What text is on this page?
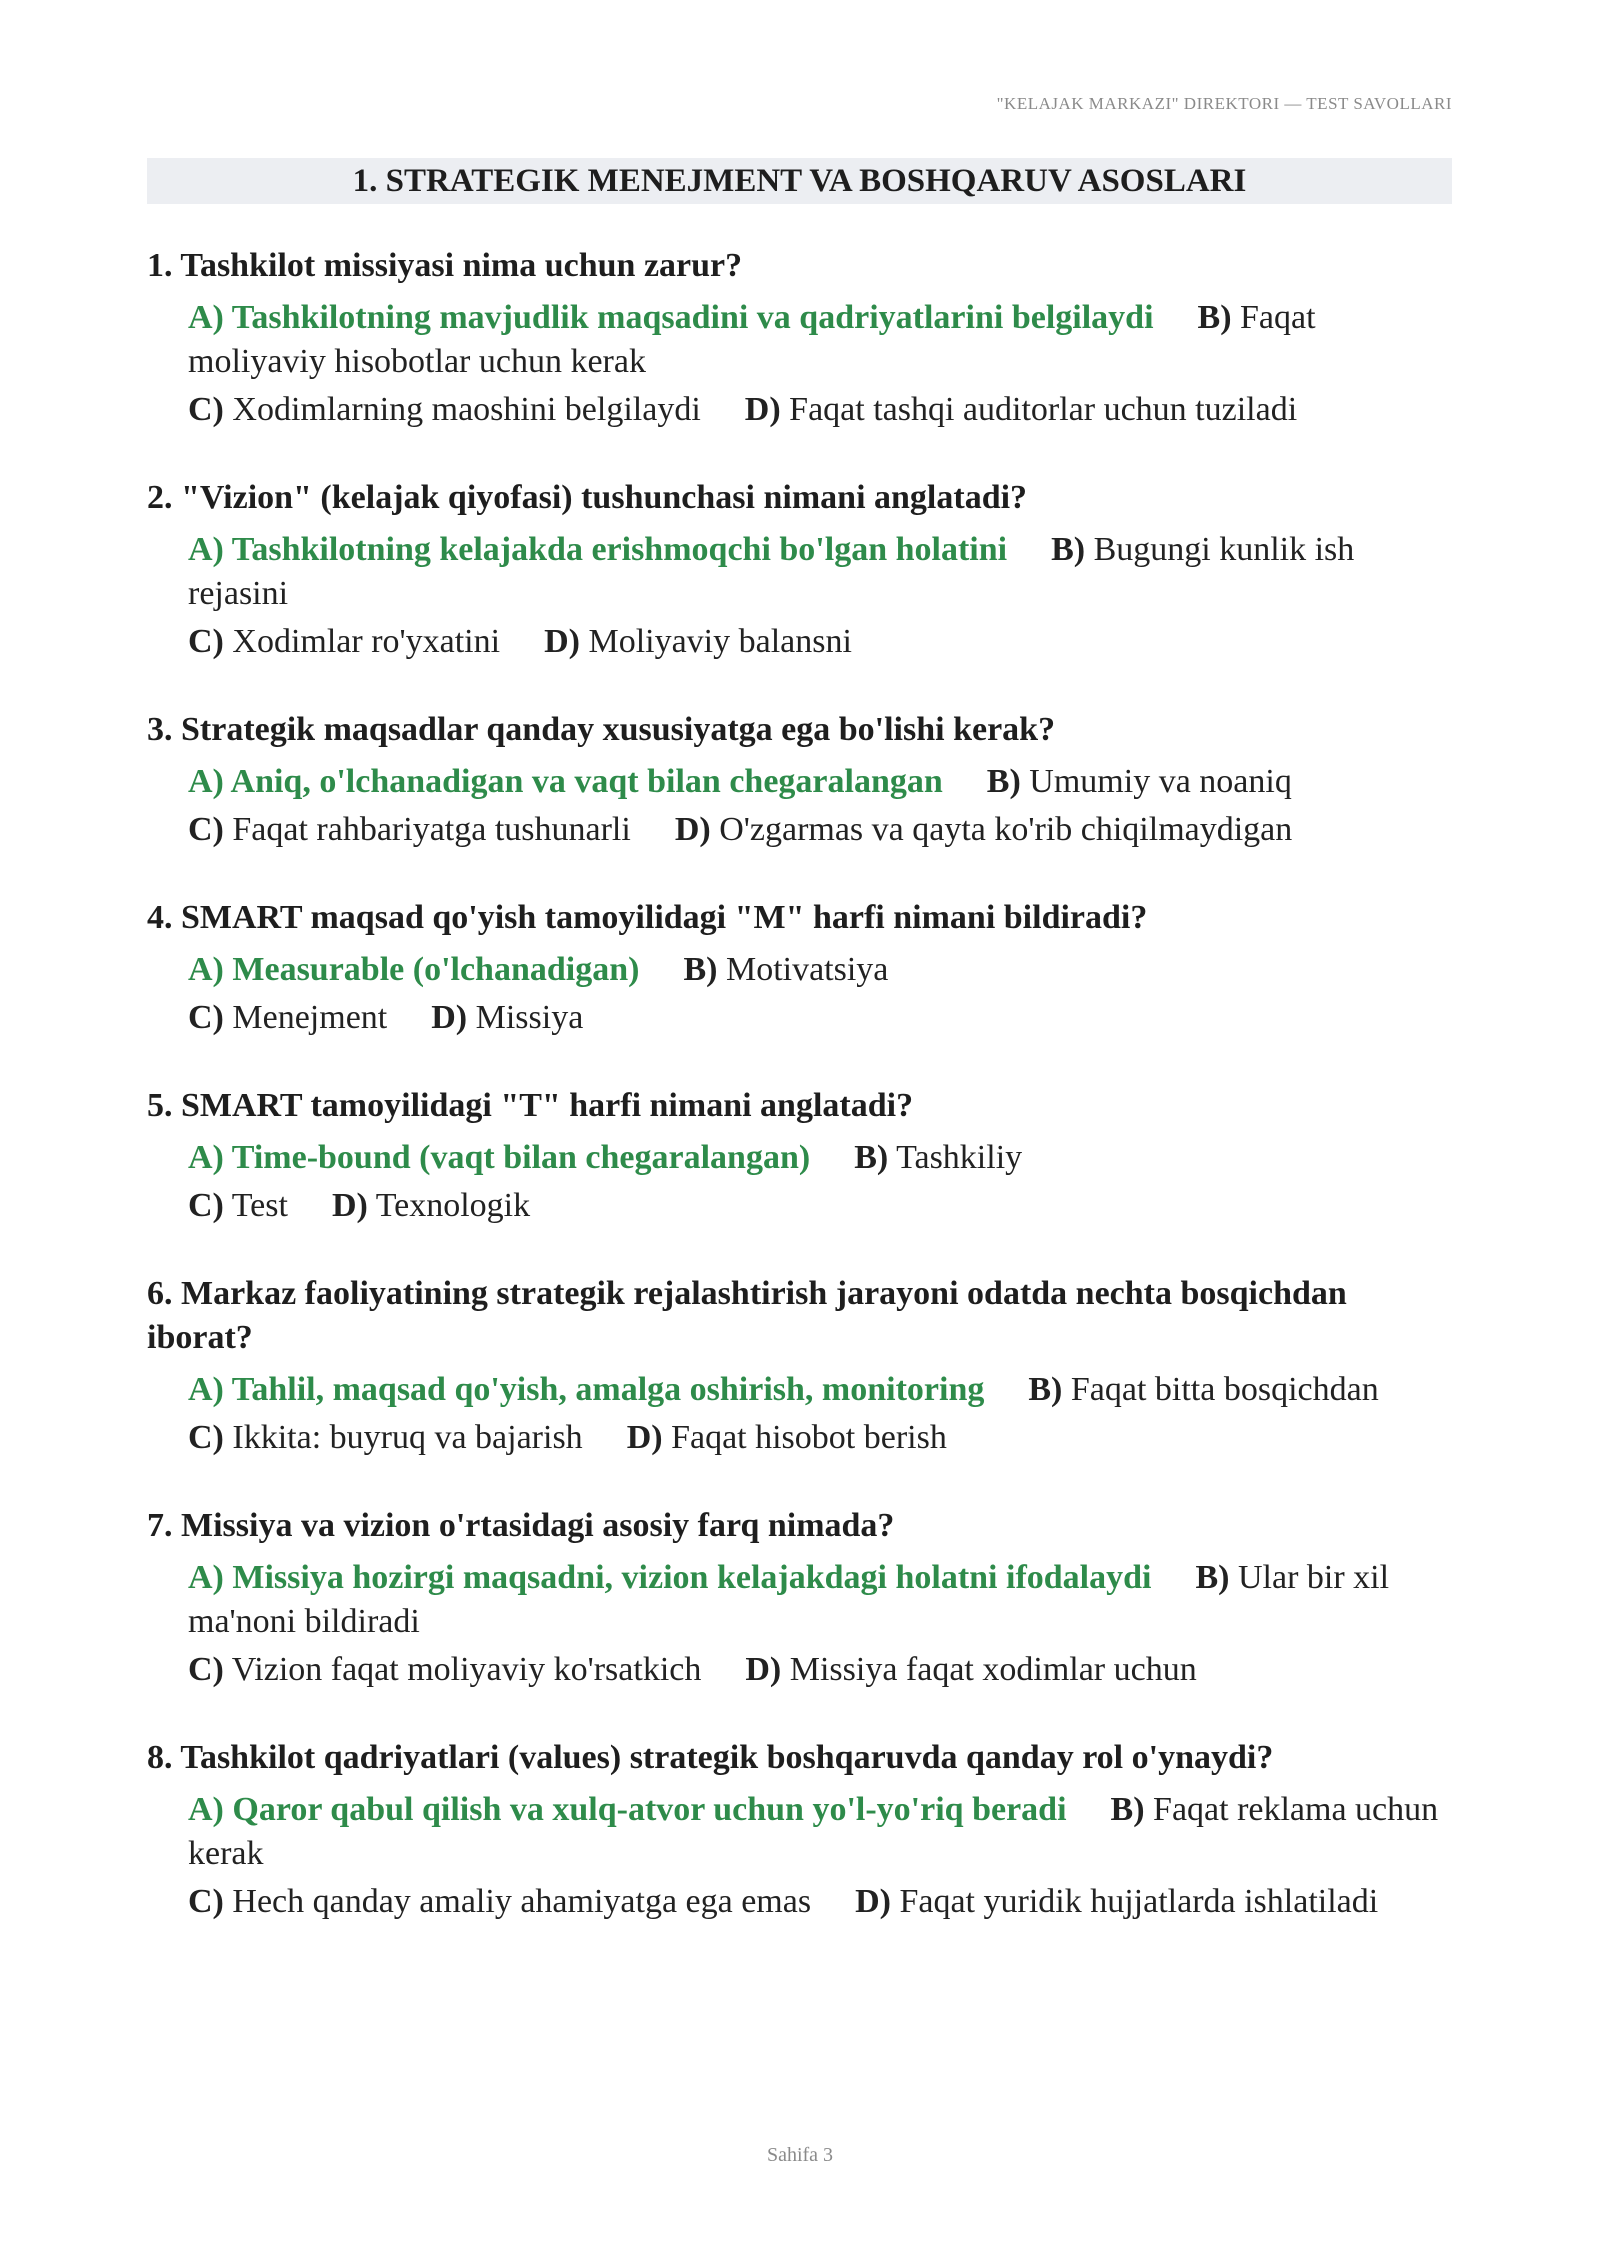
"KELAJAK MARKAZI" DIREKTORI — TEST SAVOLLARI
1. STRATEGIK MENEJMENT VA BOSHQARUV ASOSLARI
1. Tashkilot missiyasi nima uchun zarur?
A) Tashkilotning mavjudlik maqsadini va qadriyatlarini belgilaydi B) Faqat moliyaviy hisobotlar uchun kerak
C) Xodimlarning maoshini belgilaydi D) Faqat tashqi auditorlar uchun tuziladi
2. "Vizion" (kelajak qiyofasi) tushunchasi nimani anglatadi?
A) Tashkilotning kelajakda erishmoqchi bo'lgan holatini B) Bugungi kunlik ish rejasini
C) Xodimlar ro'yxatini D) Moliyaviy balansni
3. Strategik maqsadlar qanday xususiyatga ega bo'lishi kerak?
A) Aniq, o'lchanadigan va vaqt bilan chegaralangan B) Umumiy va noaniq
C) Faqat rahbariyatga tushunarli D) O'zgarmas va qayta ko'rib chiqilmaydigan
4. SMART maqsad qo'yish tamoyilidagi "M" harfi nimani bildiradi?
A) Measurable (o'lchanadigan) B) Motivatsiya
C) Menejment D) Missiya
5. SMART tamoyilidagi "T" harfi nimani anglatadi?
A) Time-bound (vaqt bilan chegaralangan) B) Tashkiliy
C) Test D) Texnologik
6. Markaz faoliyatining strategik rejalashtirish jarayoni odatda nechta bosqichdan iborat?
A) Tahlil, maqsad qo'yish, amalga oshirish, monitoring B) Faqat bitta bosqichdan
C) Ikkita: buyruq va bajarish D) Faqat hisobot berish
7. Missiya va vizion o'rtasidagi asosiy farq nimada?
A) Missiya hozirgi maqsadni, vizion kelajakdagi holatni ifodalaydi B) Ular bir xil ma'noni bildiradi
C) Vizion faqat moliyaviy ko'rsatkich D) Missiya faqat xodimlar uchun
8. Tashkilot qadriyatlari (values) strategik boshqaruvda qanday rol o'ynaydi?
A) Qaror qabul qilish va xulq-atvor uchun yo'l-yo'riq beradi B) Faqat reklama uchun kerak
C) Hech qanday amaliy ahamiyatga ega emas D) Faqat yuridik hujjatlarda ishlatiladi
Sahifa 3
